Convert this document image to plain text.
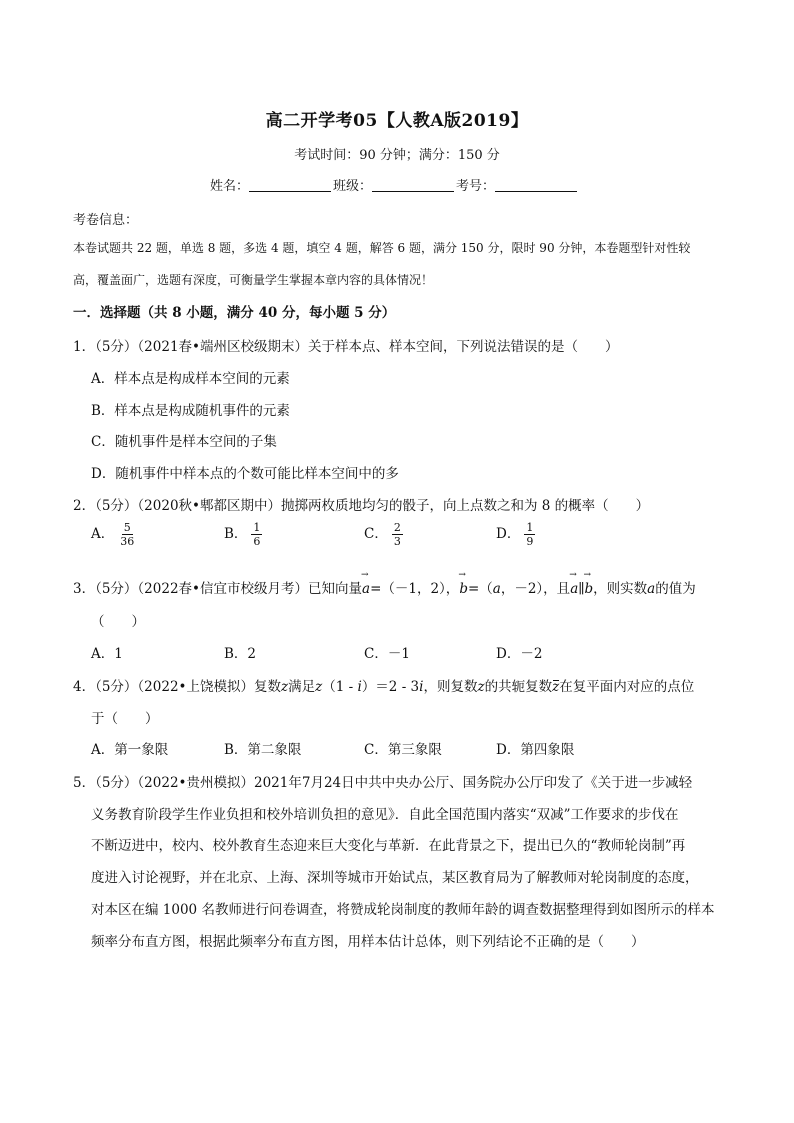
高二开学考05【人教A版2019】
考试时间：90 分钟；满分：150 分
姓名：	班级：	考号：
考卷信息：
本卷试题共 22 题，单选 8 题，多选 4 题，填空 4 题，解答 6 题，满分 150 分，限时 90 分钟，本卷题型针对性较
高，覆盖面广，选题有深度，可衡量学生掌握本章内容的具体情况！
一．选择题（共 8 小题，满分 40 分，每小题 5 分）
1．（5分）（2021春•端州区校级期末）关于样本点、样本空间，下列说法错误的是（　　）
A．样本点是构成样本空间的元素
B．样本点是构成随机事件的元素
C．随机事件是样本空间的子集
D．随机事件中样本点的个数可能比样本空间中的多
2．（5分）（2020秋•郫都区期中）抛掷两枚质地均匀的骰子，向上点数之和为 8 的概率（　　）
A． $\frac{5}{36}$	B． $\frac{1}{6}$	C． $\frac{2}{3}$	D． $\frac{1}{9}$
3．（5分）（2022春•信宜市校级月考）已知向量→ a=（－1，2），→ b=（a，－2），且→ a∥→ b，则实数a的值为
（　　）
A．1	B．2	C．－1	D．－2
4．（5分）（2022•上饶模拟）复数z满足z（1 - i）＝2 - 3i，则复数z的共轭复数z在复平面内对应的点位
于（　　）
A．第一象限	B．第二象限	C．第三象限	D．第四象限
5．（5分）（2022•贵州模拟）2021年7月24日中共中央办公厅、国务院办公厅印发了《关于进一步减轻
义务教育阶段学生作业负担和校外培训负担的意见》．自此全国范围内落实“双减”工作要求的步伐在
不断迈进中，校内、校外教育生态迎来巨大变化与革新．在此背景之下，提出已久的“教师轮岗制”再
度进入讨论视野，并在北京、上海、深圳等城市开始试点，某区教育局为了解教师对轮岗制度的态度，
对本区在编 1000 名教师进行问卷调查，将赞成轮岗制度的教师年龄的调查数据整理得到如图所示的样本
频率分布直方图，根据此频率分布直方图，用样本估计总体，则下列结论不正确的是（　　）
